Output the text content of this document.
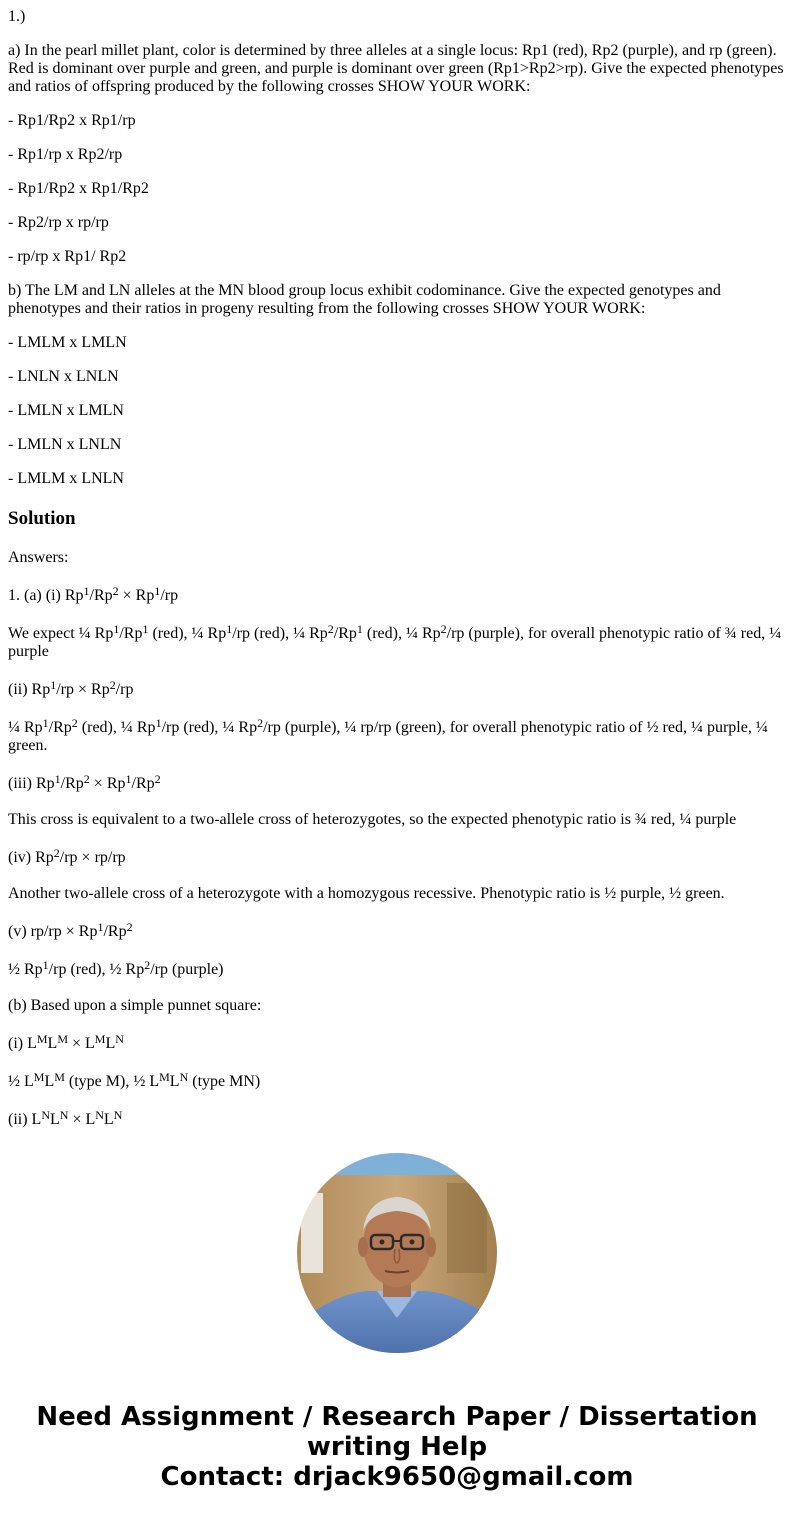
1.)

a) In the pearl millet plant, color is determined by three alleles at a single locus: Rp1 (red), Rp2 (purple), and rp (green). Red is dominant over purple and green, and purple is dominant over green (Rp1>Rp2>rp). Give the expected phenotypes and ratios of offspring produced by the following crosses SHOW YOUR WORK:

- Rp1/Rp2 x Rp1/rp

- Rp1/rp x Rp2/rp

- Rp1/Rp2 x Rp1/Rp2

- Rp2/rp x rp/rp

- rp/rp x Rp1/ Rp2

b) The LM and LN alleles at the MN blood group locus exhibit codominance. Give the expected genotypes and phenotypes and their ratios in progeny resulting from the following crosses SHOW YOUR WORK:

- LMLM x LMLN

- LNLN x LNLN

- LMLN x LMLN

- LMLN x LNLN

- LMLM x LNLN

Solution

Answers:

1. (a) (i) $Rp^1/Rp^2 \times Rp^1/rp$

We expect ¼ Rp$^1$/Rp$^1$ (red), ¼ Rp$^1$/rp (red), ¼ Rp$^2$/Rp$^1$ (red), ¼ Rp$^2$/rp (purple), for overall phenotypic ratio of ¾ red, ¼ purple

(ii) $Rp^1/rp \times Rp^2/rp$

¼ Rp$^1$/Rp$^2$ (red), ¼ Rp$^1$/rp (red), ¼ Rp$^2$/rp (purple), ¼ rp/rp (green), for overall phenotypic ratio of ½ red, ¼ purple, ¼ green.

(iii) $Rp^1/Rp^2 \times Rp^1/Rp^2$

This cross is equivalent to a two-allele cross of heterozygotes, so the expected phenotypic ratio is ¾ red, ¼ purple

(iv) $Rp^2/rp \times rp/rp$

Another two-allele cross of a heterozygote with a homozygous recessive. Phenotypic ratio is ½ purple, ½ green.

(v) $rp/rp \times Rp^1/Rp^2$

½ Rp$^1$/rp (red), ½ Rp$^2$/rp (purple)

(b) Based upon a simple punnet square:

(i) $L^ML^M \times L^ML^N$

½ $L^ML^M$ (type M), ½ $L^ML^N$ (type MN)

(ii) $L^NL^N \times L^NL^N$

Need Assignment / Research Paper / Dissertation
writing Help
Contact: drjack9650@gmail.com
